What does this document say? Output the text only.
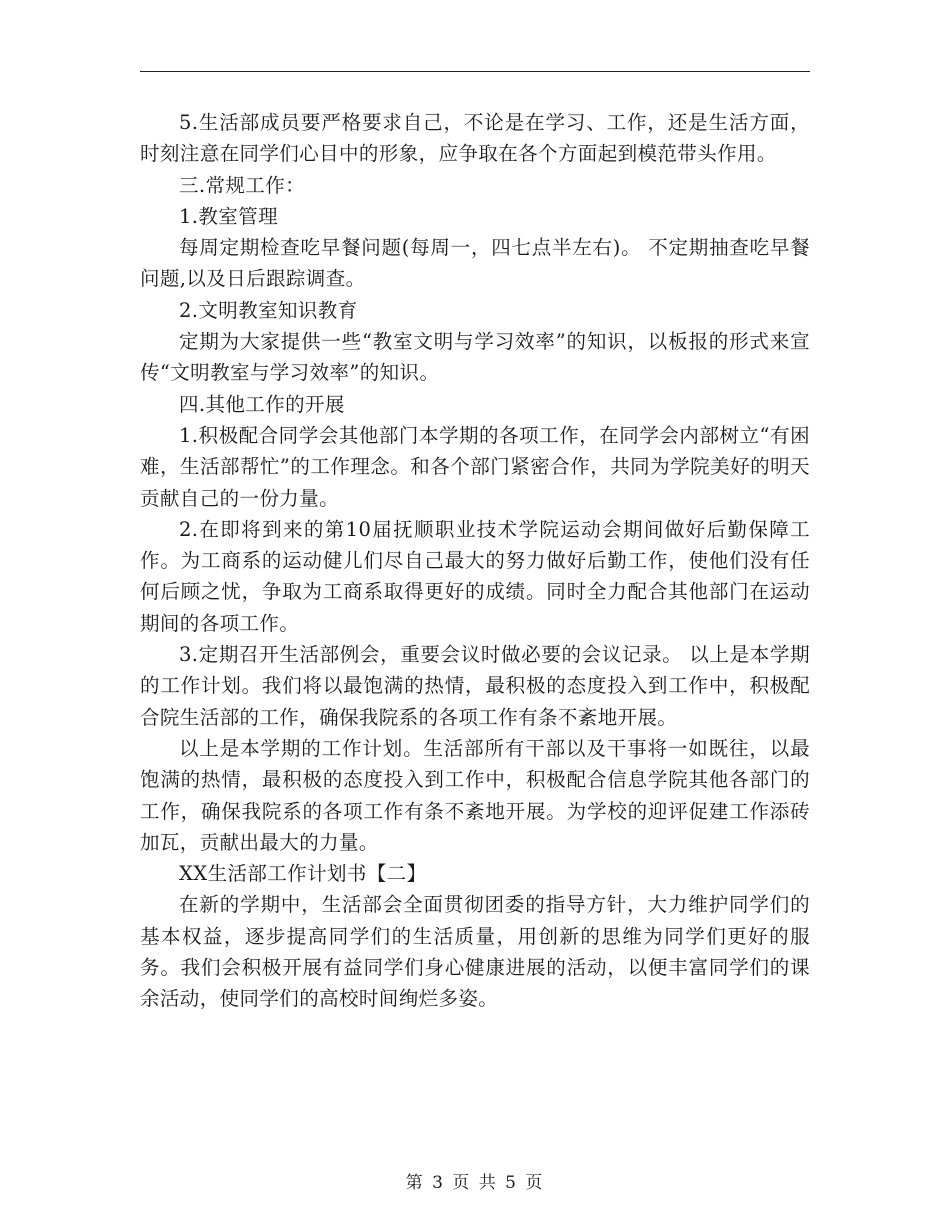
5.生活部成员要严格要求自己，不论是在学习、工作，还是生活方面，时刻注意在同学们心目中的形象，应争取在各个方面起到模范带头作用。

三.常规工作：

1.教室管理

每周定期检查吃早餐问题(每周一，四七点半左右)。 不定期抽查吃早餐问题,以及日后跟踪调查。

2.文明教室知识教育

定期为大家提供一些“教室文明与学习效率”的知识，以板报的形式来宣传“文明教室与学习效率”的知识。

四.其他工作的开展

1.积极配合同学会其他部门本学期的各项工作，在同学会内部树立“有困难，生活部帮忙”的工作理念。和各个部门紧密合作，共同为学院美好的明天贡献自己的一份力量。

2.在即将到来的第10届抚顺职业技术学院运动会期间做好后勤保障工作。为工商系的运动健儿们尽自己最大的努力做好后勤工作，使他们没有任何后顾之忧，争取为工商系取得更好的成绩。同时全力配合其他部门在运动期间的各项工作。

3.定期召开生活部例会，重要会议时做必要的会议记录。 以上是本学期的工作计划。我们将以最饱满的热情，最积极的态度投入到工作中，积极配合院生活部的工作，确保我院系的各项工作有条不紊地开展。

以上是本学期的工作计划。生活部所有干部以及干事将一如既往，以最饱满的热情，最积极的态度投入到工作中，积极配合信息学院其他各部门的工作，确保我院系的各项工作有条不紊地开展。为学校的迎评促建工作添砖加瓦，贡献出最大的力量。

XX生活部工作计划书【二】

在新的学期中，生活部会全面贯彻团委的指导方针，大力维护同学们的基本权益，逐步提高同学们的生活质量，用创新的思维为同学们更好的服务。我们会积极开展有益同学们身心健康进展的活动，以便丰富同学们的课余活动，使同学们的高校时间绚烂多姿。

第 3 页 共 5 页
